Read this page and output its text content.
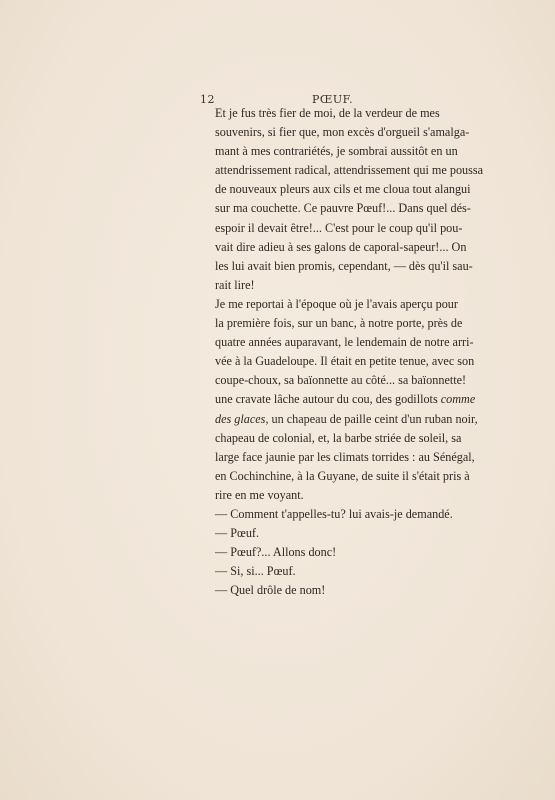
12	PŒUF.
Et je fus très fier de moi, de la verdeur de mes
souvenirs, si fier que, mon excès d'orgueil s'amalga-
mant à mes contrariétés, je sombrai aussitôt en un
attendrissement radical, attendrissement qui me poussa
de nouveaux pleurs aux cils et me cloua tout alangui
sur ma couchette. Ce pauvre Pœuf!... Dans quel dés-
espoir il devait être!... C'est pour le coup qu'il pou-
vait dire adieu à ses galons de caporal-sapeur!... On
les lui avait bien promis, cependant, — dès qu'il sau-
rait lire!
Je me reportai à l'époque où je l'avais aperçu pour
la première fois, sur un banc, à notre porte, près de
quatre années auparavant, le lendemain de notre arri-
vée à la Guadeloupe. Il était en petite tenue, avec son
coupe-choux, sa baïonnette au côté... sa baïonnette!
une cravate lâche autour du cou, des godillots comme
des glaces, un chapeau de paille ceint d'un ruban noir,
chapeau de colonial, et, la barbe striée de soleil, sa
large face jaunie par les climats torrides : au Sénégal,
en Cochinchine, à la Guyane, de suite il s'était pris à
rire en me voyant.
— Comment t'appelles-tu? lui avais-je demandé.
— Pœuf.
— Pœuf?... Allons donc!
— Si, si... Pœuf.
— Quel drôle de nom!
